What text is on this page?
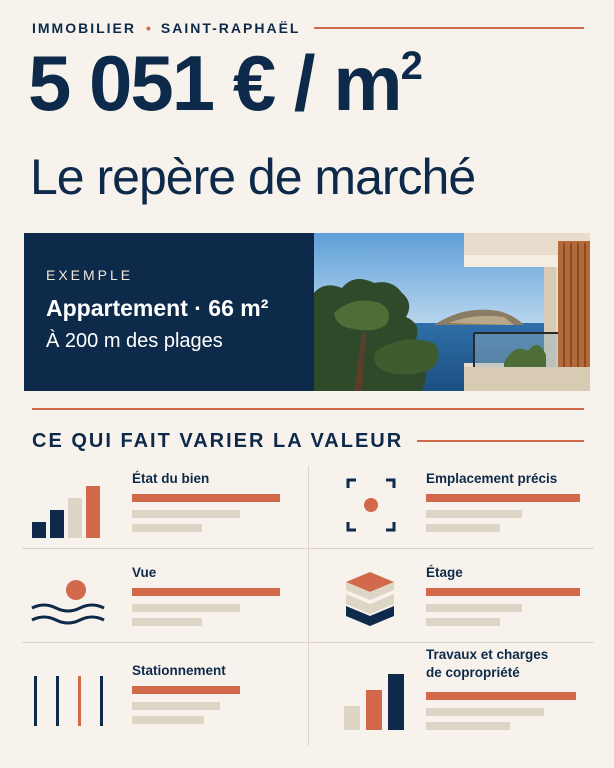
IMMOBILIER • SAINT-RAPHAËL
5 051 € / $m^2$
Le repère de marché
EXEMPLE
Appartement · 66 m²
À 200 m des plages
CE QUI FAIT VARIER LA VALEUR
État du bien	Emplacement précis
Vue	Étage
Stationnement
Travaux et charges
de copropriété
